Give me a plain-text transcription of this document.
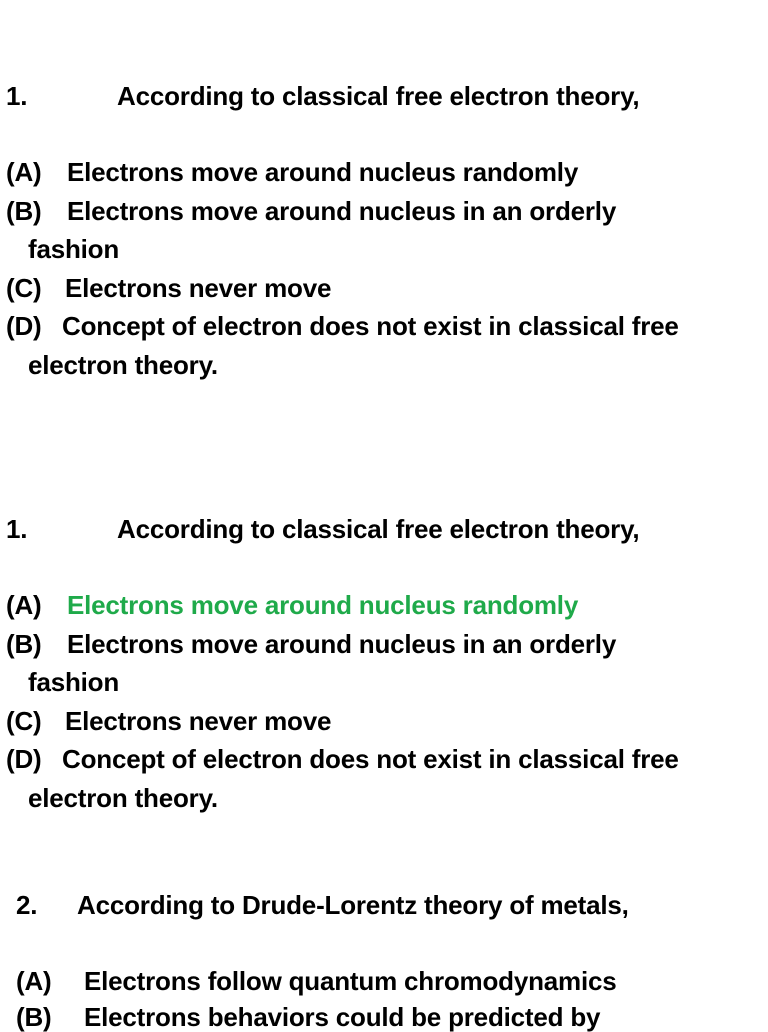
1.	According to classical free electron theory,
(A) Electrons move around nucleus randomly
(B) Electrons move around nucleus in an orderly
fashion
(C) Electrons never move
(D) Concept of electron does not exist in classical free
electron theory.
1.	According to classical free electron theory,
(A) Electrons move around nucleus randomly
(B) Electrons move around nucleus in an orderly
fashion
(C) Electrons never move
(D) Concept of electron does not exist in classical free
electron theory.
2. According to Drude-Lorentz theory of metals,
(A) Electrons follow quantum chromodynamics
(B) Electrons behaviors could be predicted by
